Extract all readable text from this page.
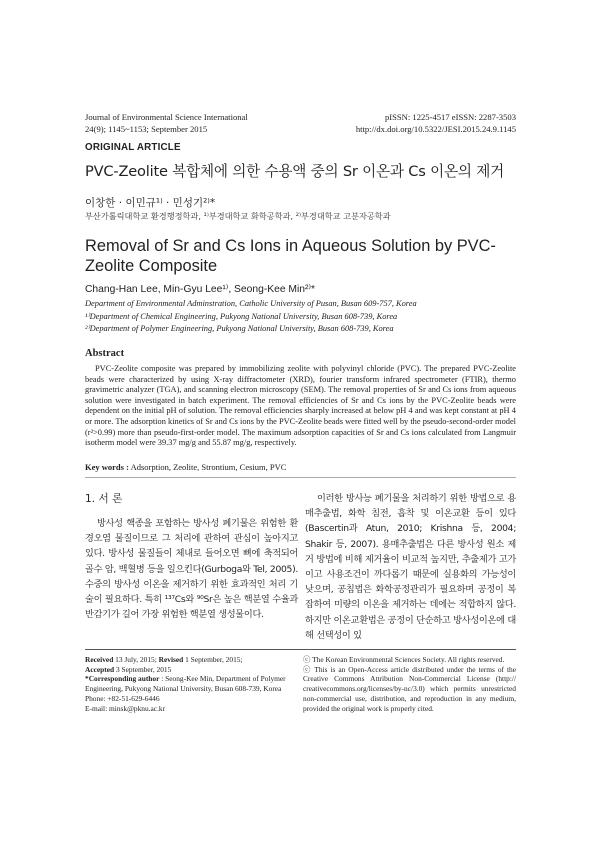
Journal of Environmental Science International
24(9); 1145~1153; September 2015
pISSN: 1225-4517 eISSN: 2287-3503
http://dx.doi.org/10.5322/JESI.2015.24.9.1145
ORIGINAL ARTICLE
PVC-Zeolite 복합체에 의한 수용액 중의 Sr 이온과 Cs 이온의 제거
이창한 · 이민규¹⁾ · 민성기²⁾*
부산가톨릭대학교 환경행정학과, ¹⁾부경대학교 화학공학과, ²⁾부경대학교 고분자공학과
Removal of Sr and Cs Ions in Aqueous Solution by PVC-Zeolite Composite
Chang-Han Lee, Min-Gyu Lee¹⁾, Seong-Kee Min²⁾*
Department of Environmental Adminstration, Catholic University of Pusan, Busan 609-757, Korea
¹⁾Department of Chemical Engineering, Pukyong National University, Busan 608-739, Korea
²⁾Department of Polymer Engineering, Pukyong National University, Busan 608-739, Korea
Abstract
PVC-Zeolite composite was prepared by immobilizing zeolite with polyvinyl chloride (PVC). The prepared PVC-Zeolite beads were characterized by using X-ray diffractometer (XRD), fourier transform infrared spectrometer (FTIR), thermo gravimetric analyzer (TGA), and scanning electron microscopy (SEM). The removal properties of Sr and Cs ions from aqueous solution were investigated in batch experiment. The removal efficiencies of Sr and Cs ions by the PVC-Zeolite beads were dependent on the initial pH of solution. The removal efficiencies sharply increased at below pH 4 and was kept constant at pH 4 or more. The adsorption kinetics of Sr and Cs ions by the PVC-Zeolite beads were fitted well by the pseudo-second-order model (r²>0.99) more than pseudo-first-order model. The maximum adsorption capacities of Sr and Cs ions calculated from Langmuir isotherm model were 39.37 mg/g and 55.87 mg/g, respectively.
Key words : Adsorption, Zeolite, Strontium, Cesium, PVC
1. 서 론
방사성 핵종을 포함하는 방사성 폐기물은 위험한 환경오염 물질이므로 그 처리에 관하여 관심이 높아지고 있다. 방사성 물질들이 체내로 들어오면 뼈에 축적되어 골수 암, 백혈병 등을 일으킨다(Gurboga와 Tel, 2005). 수중의 방사성 이온을 제거하기 위한 효과적인 처리 기술이 필요하다. 특히 ¹³⁷Cs와 ⁹⁰Sr은 높은 핵분열 수율과 반감기가 길어 가장 위험한 핵분열 생성물이다.
이러한 방사능 폐기물을 처리하기 위한 방법으로 용매추출법, 화학 침전, 흡착 및 이온교환 등이 있다 (Bascertin과 Atun, 2010; Krishna 등, 2004; Shakir 등, 2007). 용매추출법은 다른 방사성 원소 제거 방법에 비해 제거율이 비교적 높지만, 추출제가 고가이고 사용조건이 까다롭기 때문에 실용화의 가능성이 낮으며, 공침법은 화학공정관리가 필요하며 공정이 복잡하여 미량의 이온을 제거하는 데에는 적합하지 않다. 하지만 이온교환법은 공정이 단순하고 방사성이온에 대해 선택성이 있
Received 13 July, 2015; Revised 1 September, 2015;
Accepted 3 September, 2015
*Corresponding author : Seong-Kee Min, Department of Polymer Engineering, Pukyong National University, Busan 608-739, Korea
Phone: +82-51-629-6446
E-mail: minsk@pknu.ac.kr
ⓒ The Korean Environmental Sciences Society. All rights reserved.
ⓒ This is an Open-Access article distributed under the terms of the Creative Commons Attribution Non-Commercial License (http:// creativecommons.org/licenses/by-nc/3.0) which permits unrestricted non-commercial use, distribution, and reproduction in any medium, provided the original work is properly cited.
